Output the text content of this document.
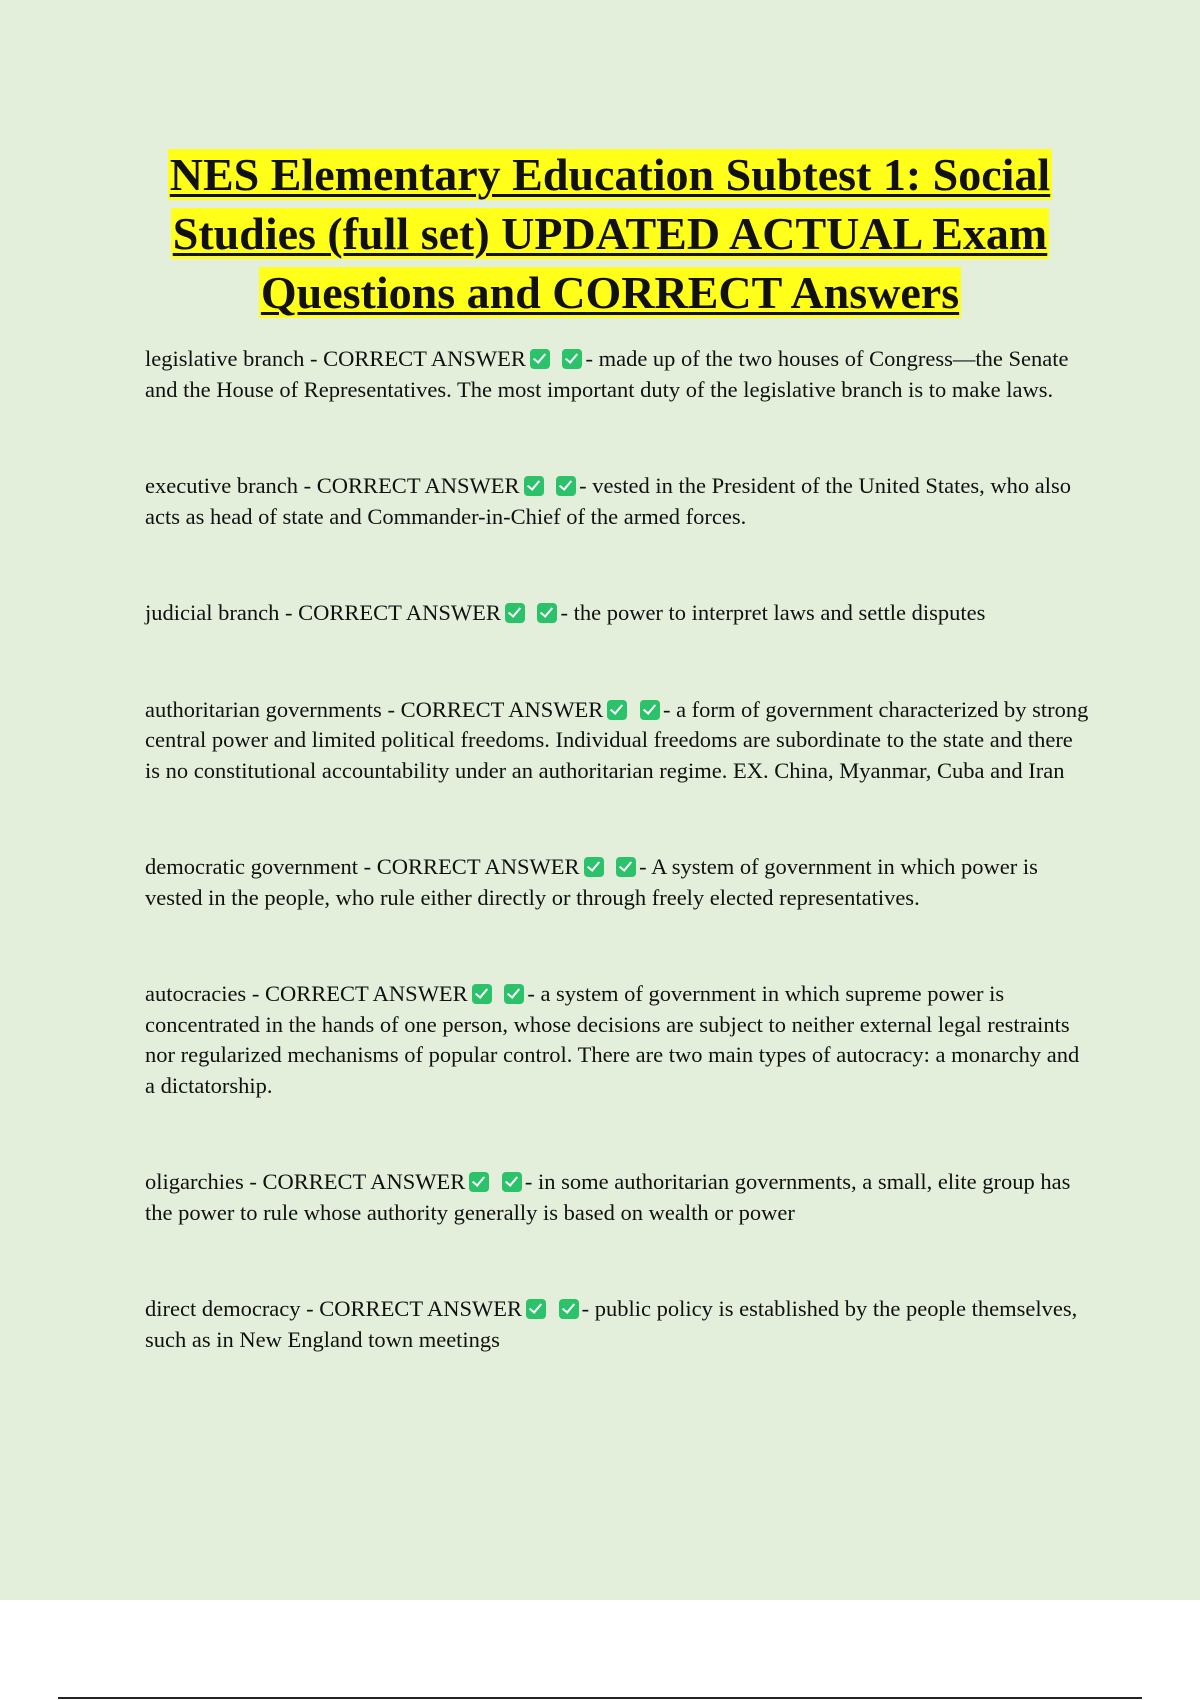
NES Elementary Education Subtest 1: Social Studies (full set) UPDATED ACTUAL Exam Questions and CORRECT Answers

legislative branch - CORRECT ANSWER	- made up of the two houses of Congress—the Senate and the House of Representatives. The most important duty of the legislative branch is to make laws.

executive branch - CORRECT ANSWER	- vested in the President of the United States, who also acts as head of state and Commander-in-Chief of the armed forces.

judicial branch - CORRECT ANSWER	- the power to interpret laws and settle disputes

authoritarian governments - CORRECT ANSWER	- a form of government characterized by strong central power and limited political freedoms. Individual freedoms are subordinate to the state and there is no constitutional accountability under an authoritarian regime. EX. China, Myanmar, Cuba and Iran

democratic government - CORRECT ANSWER	- A system of government in which power is vested in the people, who rule either directly or through freely elected representatives.

autocracies - CORRECT ANSWER	- a system of government in which supreme power is concentrated in the hands of one person, whose decisions are subject to neither external legal restraints nor regularized mechanisms of popular control. There are two main types of autocracy: a monarchy and a dictatorship.

oligarchies - CORRECT ANSWER	- in some authoritarian governments, a small, elite group has the power to rule whose authority generally is based on wealth or power

direct democracy - CORRECT ANSWER	- public policy is established by the people themselves, such as in New England town meetings
